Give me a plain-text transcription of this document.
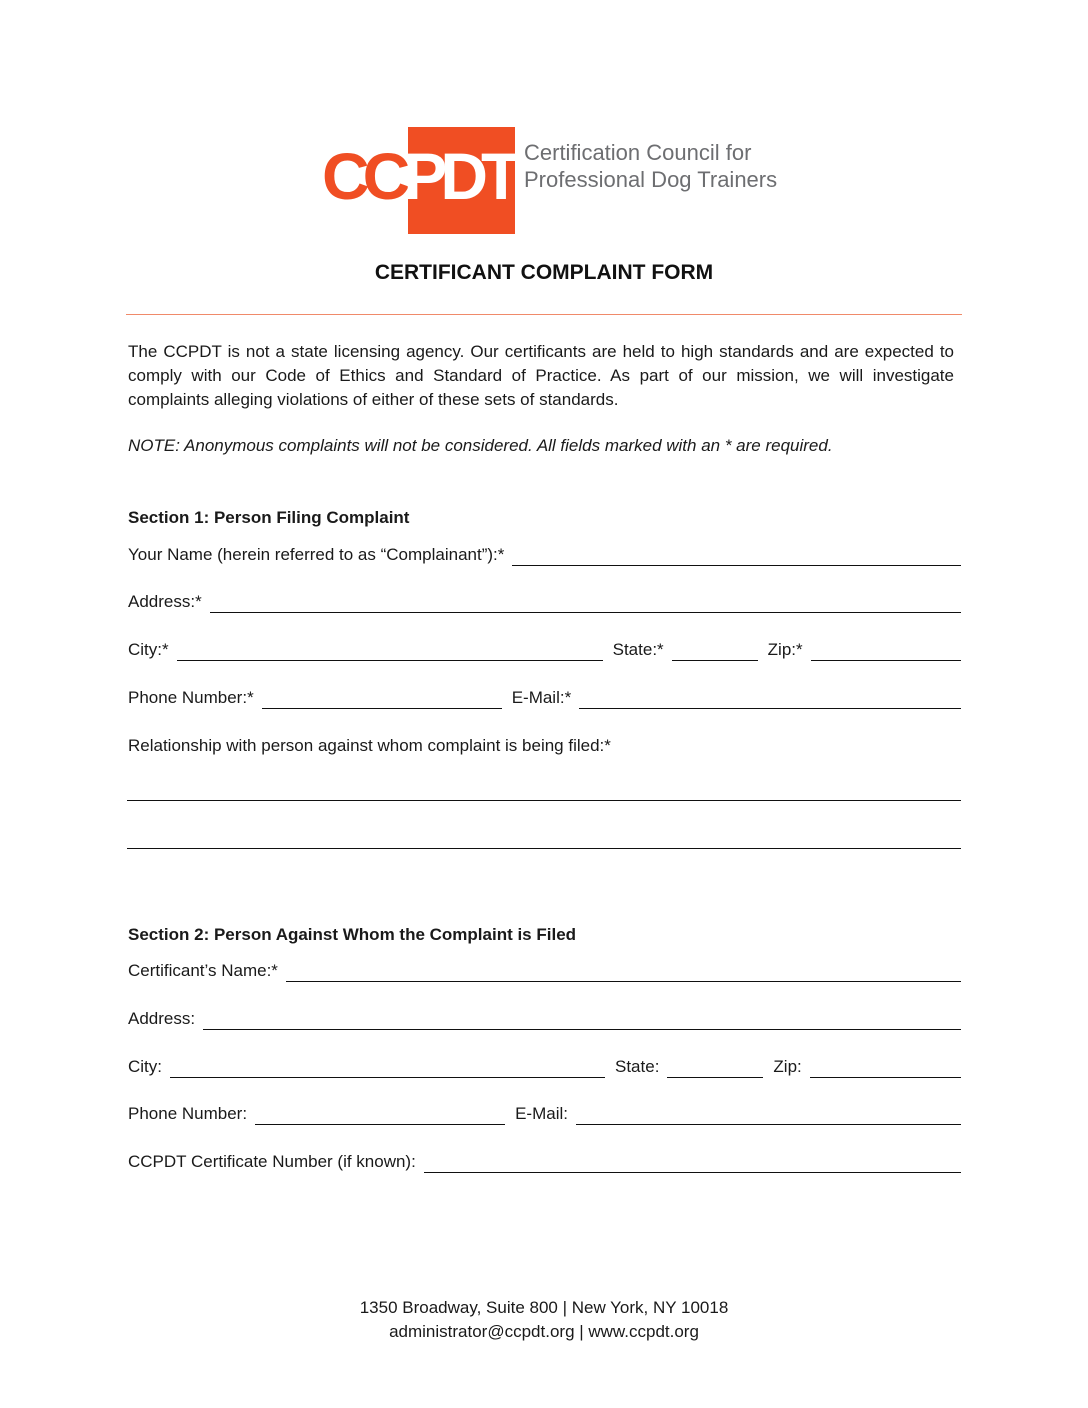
CCPDT Certification Council for
Professional Dog Trainers
CERTIFICANT COMPLAINT FORM
The CCPDT is not a state licensing agency. Our certificants are held to high standards and are expected to comply with our Code of Ethics and Standard of Practice. As part of our mission, we will investigate complaints alleging violations of either of these sets of standards.
NOTE: Anonymous complaints will not be considered. All fields marked with an * are required.
Section 1: Person Filing Complaint
Your Name (herein referred to as “Complainant”):*
Address:*
City:*	State:*	Zip:*
Phone Number:*	E-Mail:*
Relationship with person against whom complaint is being filed:*
Section 2: Person Against Whom the Complaint is Filed
Certificant’s Name:*
Address:
City:	State:	Zip:
Phone Number:	E-Mail:
CCPDT Certificate Number (if known):
1350 Broadway, Suite 800 | New York, NY 10018
administrator@ccpdt.org | www.ccpdt.org
